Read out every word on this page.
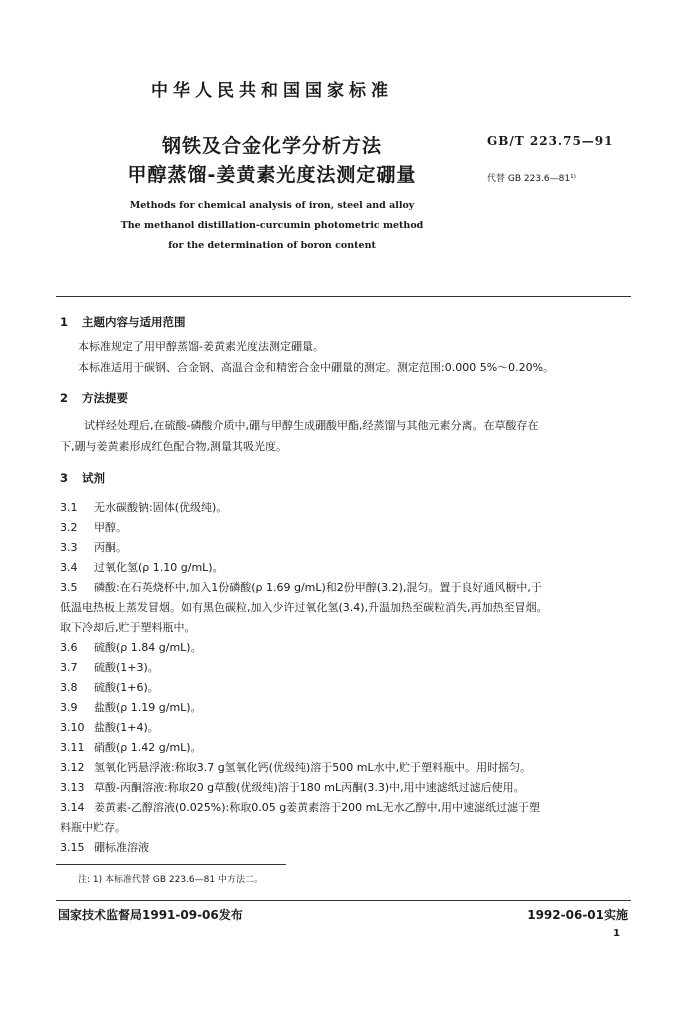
中华人民共和国国家标准
钢铁及合金化学分析方法
甲醇蒸馏-姜黄素光度法测定硼量
GB/T 223.75—91
代替 GB 223.6—81¹⁾
Methods for chemical analysis of iron, steel and alloy
The methanol distillation-curcumin photometric method
for the determination of boron content
1 主题内容与适用范围
本标准规定了用甲醇蒸馏-姜黄素光度法测定硼量。
本标准适用于碳钢、合金钢、高温合金和精密合金中硼量的测定。测定范围:0.000 5%～0.20%。
2 方法提要
试样经处理后,在硫酸-磷酸介质中,硼与甲醇生成硼酸甲酯,经蒸馏与其他元素分离。在草酸存在
下,硼与姜黄素形成红色配合物,测量其吸光度。
3 试剂
3.1 无水碳酸钠:固体(优级纯)。
3.2 甲醇。
3.3 丙酮。
3.4 过氧化氢(ρ 1.10 g/mL)。
3.5 磷酸:在石英烧杯中,加入1份磷酸(ρ 1.69 g/mL)和2份甲醇(3.2),混匀。置于良好通风橱中,于
低温电热板上蒸发冒烟。如有黑色碳粒,加入少许过氧化氢(3.4),升温加热至碳粒消失,再加热至冒烟。
取下冷却后,贮于塑料瓶中。
3.6 硫酸(ρ 1.84 g/mL)。
3.7 硫酸(1+3)。
3.8 硫酸(1+6)。
3.9 盐酸(ρ 1.19 g/mL)。
3.10 盐酸(1+4)。
3.11 硝酸(ρ 1.42 g/mL)。
3.12 氢氧化钙悬浮液:称取3.7 g氢氧化钙(优级纯)溶于500 mL水中,贮于塑料瓶中。用时摇匀。
3.13 草酸-丙酮溶液:称取20 g草酸(优级纯)溶于180 mL丙酮(3.3)中,用中速滤纸过滤后使用。
3.14 姜黄素-乙醇溶液(0.025%):称取0.05 g姜黄素溶于200 mL无水乙醇中,用中速滤纸过滤于塑
料瓶中贮存。
3.15 硼标准溶液
注: 1) 本标准代替 GB 223.6—81 中方法二。
国家技术监督局1991-09-06发布	1992-06-01实施
1
